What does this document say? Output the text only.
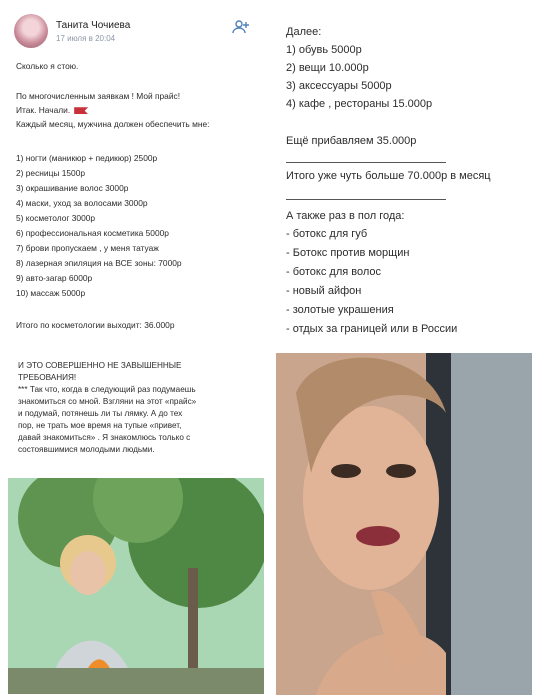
Танита Чочиева
17 июля в 20:04
Сколько я стою.
По многочисленным заявкам ! Мой прайс!
Итак. Начали.
Каждый месяц, мужчина должен обеспечить мне:
1) ногти (маникюр + педикюр) 2500р
2) ресницы 1500р
3) окрашивание волос 3000р
4) маски, уход за волосами 3000р
5) косметолог 3000р
6) профессиональная косметика 5000р
7) брови пропускаем , у меня татуаж
8) лазерная эпиляция на ВСЕ зоны: 7000р
9) авто-загар 6000р
10) массаж 5000р
Итого по косметологии выходит: 36.000р
Далее:
1) обувь 5000р
2) вещи 10.000р
3) аксессуары 5000р
4) кафе , рестораны 15.000р
Ещё прибавляем 35.000р
Итого уже чуть больше 70.000р в месяц
А также раз в пол года:
- ботокс для губ
- Ботокс против морщин
- ботокс для волос
- новый айфон
- золотые украшения
- отдых за границей или в России
И ЭТО СОВЕРШЕННО НЕ ЗАВЫШЕННЫЕ
ТРЕБОВАНИЯ!
*** Так что, когда в следующий раз подумаешь
знакомиться со мной. Взгляни на этот «прайс»
и подумай, потянешь ли ты лямку. А до тех
пор, не трать мое время на тупые «привет,
давай знакомиться» . Я знакомлюсь только с
состоявшимися молодыми людьми.
